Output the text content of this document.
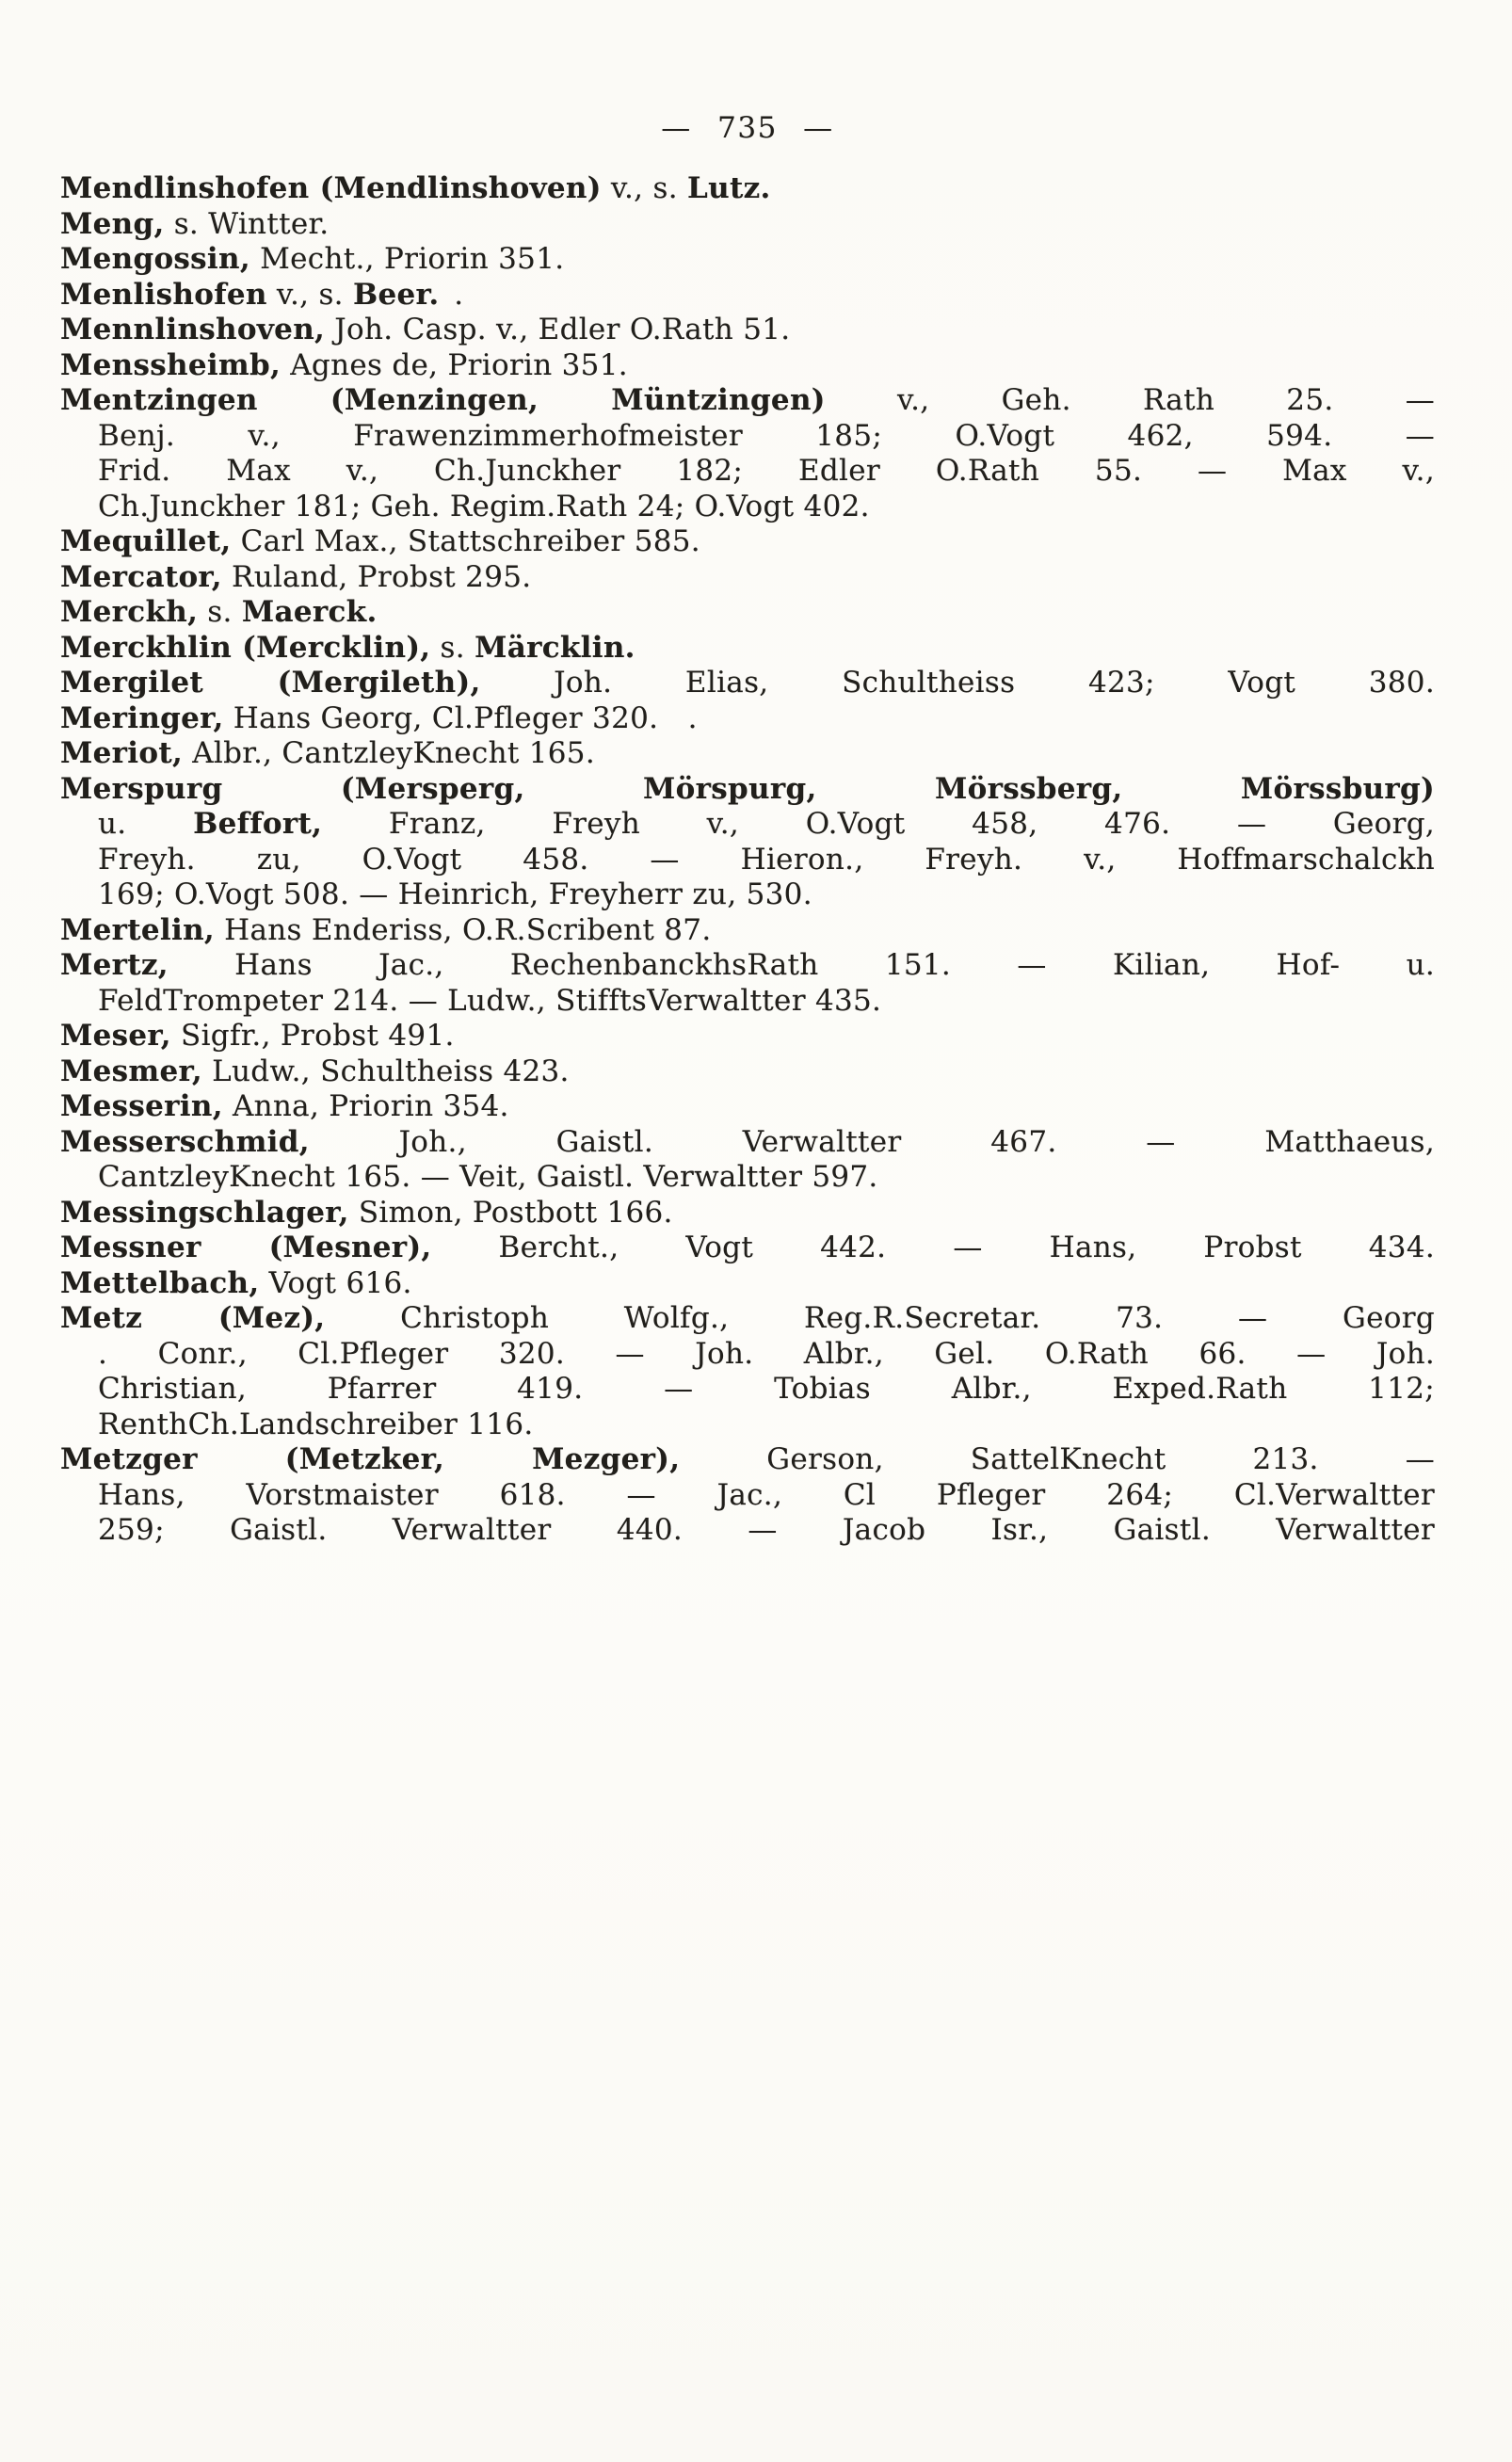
— 735 —
Mendlinshofen (Mendlinshoven) v., s. Lutz.
Meng, s. Wintter.
Mengossin, Mecht., Priorin 351.
Menlishofen v., s. Beer. .
Mennlinshoven, Joh. Casp. v., Edler O.Rath 51.
Menssheimb, Agnes de, Priorin 351.
Mentzingen (Menzingen, Müntzingen) v., Geh. Rath 25. —
Benj. v., Frawenzimmerhofmeister 185; O.Vogt 462, 594. —
Frid. Max v., Ch.Junckher 182; Edler O.Rath 55. — Max v.,
Ch.Junckher 181; Geh. Regim.Rath 24; O.Vogt 402.
Mequillet, Carl Max., Stattschreiber 585.
Mercator, Ruland, Probst 295.
Merckh, s. Maerck.
Merckhlin (Mercklin), s. Märcklin.
Mergilet (Mergileth), Joh. Elias, Schultheiss 423; Vogt 380.
Meringer, Hans Georg, Cl.Pfleger 320. .
Meriot, Albr., CantzleyKnecht 165.
Merspurg (Mersperg, Mörspurg, Mörssberg, Mörssburg)
u. Beffort, Franz, Freyh v., O.Vogt 458, 476. — Georg,
Freyh. zu, O.Vogt 458. — Hieron., Freyh. v., Hoffmarschalckh
169; O.Vogt 508. — Heinrich, Freyherr zu, 530.
Mertelin, Hans Enderiss, O.R.Scribent 87.
Mertz, Hans Jac., RechenbanckhsRath 151. — Kilian, Hof- u.
FeldTrompeter 214. — Ludw., StifftsVerwaltter 435.
Meser, Sigfr., Probst 491.
Mesmer, Ludw., Schultheiss 423.
Messerin, Anna, Priorin 354.
Messerschmid, Joh., Gaistl. Verwaltter 467. — Matthaeus,
CantzleyKnecht 165. — Veit, Gaistl. Verwaltter 597.
Messingschlager, Simon, Postbott 166.
Messner (Mesner), Bercht., Vogt 442. — Hans, Probst 434.
Mettelbach, Vogt 616.
Metz (Mez), Christoph Wolfg., Reg.R.Secretar. 73. — Georg
. Conr., Cl.Pfleger 320. — Joh. Albr., Gel. O.Rath 66. — Joh.
Christian, Pfarrer 419. — Tobias Albr., Exped.Rath 112;
RenthCh.Landschreiber 116.
Metzger (Metzker, Mezger), Gerson, SattelKnecht 213. —
Hans, Vorstmaister 618. — Jac., Cl Pfleger 264; Cl.Verwaltter
259; Gaistl. Verwaltter 440. — Jacob Isr., Gaistl. Verwaltter
